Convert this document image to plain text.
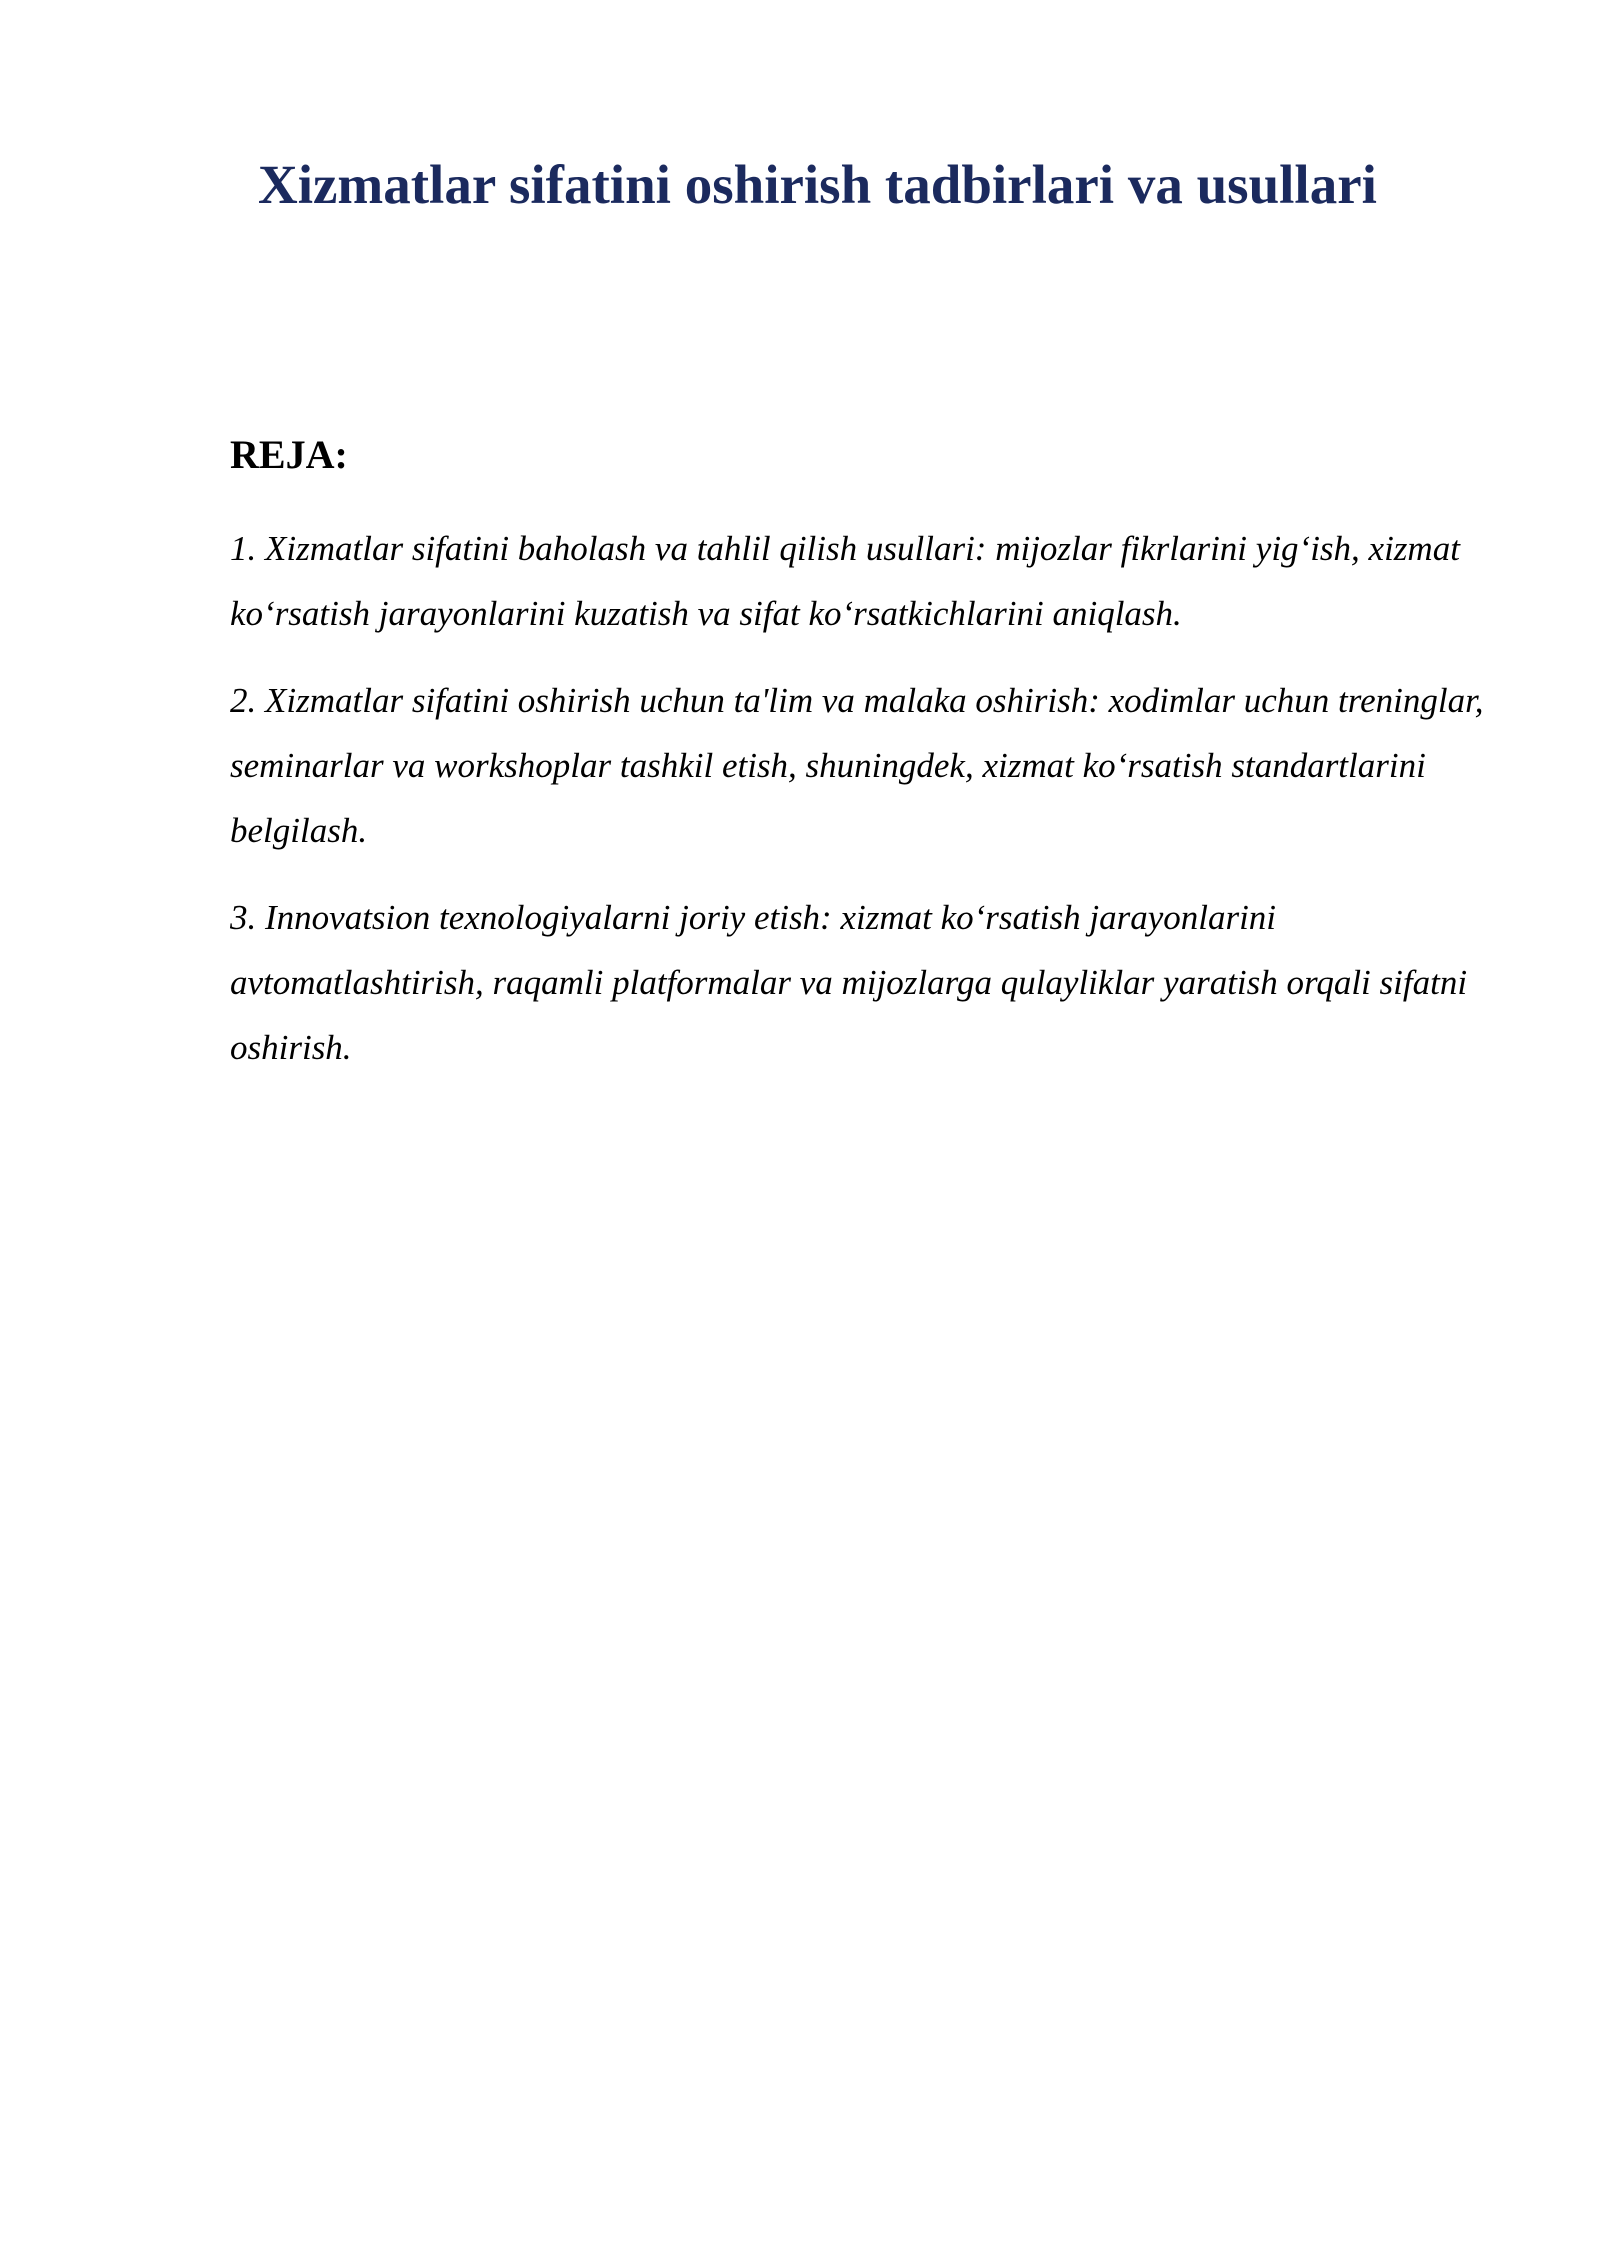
Xizmatlar sifatini oshirish tadbirlari va usullari
REJA:
1. Xizmatlar sifatini baholash va tahlil qilish usullari: mijozlar fikrlarini yig‘ish, xizmat ko‘rsatish jarayonlarini kuzatish va sifat ko‘rsatkichlarini aniqlash.
2. Xizmatlar sifatini oshirish uchun ta'lim va malaka oshirish: xodimlar uchun treninglar, seminarlar va workshoplar tashkil etish, shuningdek, xizmat ko‘rsatish standartlarini belgilash.
3. Innovatsion texnologiyalarni joriy etish: xizmat ko‘rsatish jarayonlarini avtomatlashtirish, raqamli platformalar va mijozlarga qulayliklar yaratish orqali sifatni oshirish.
